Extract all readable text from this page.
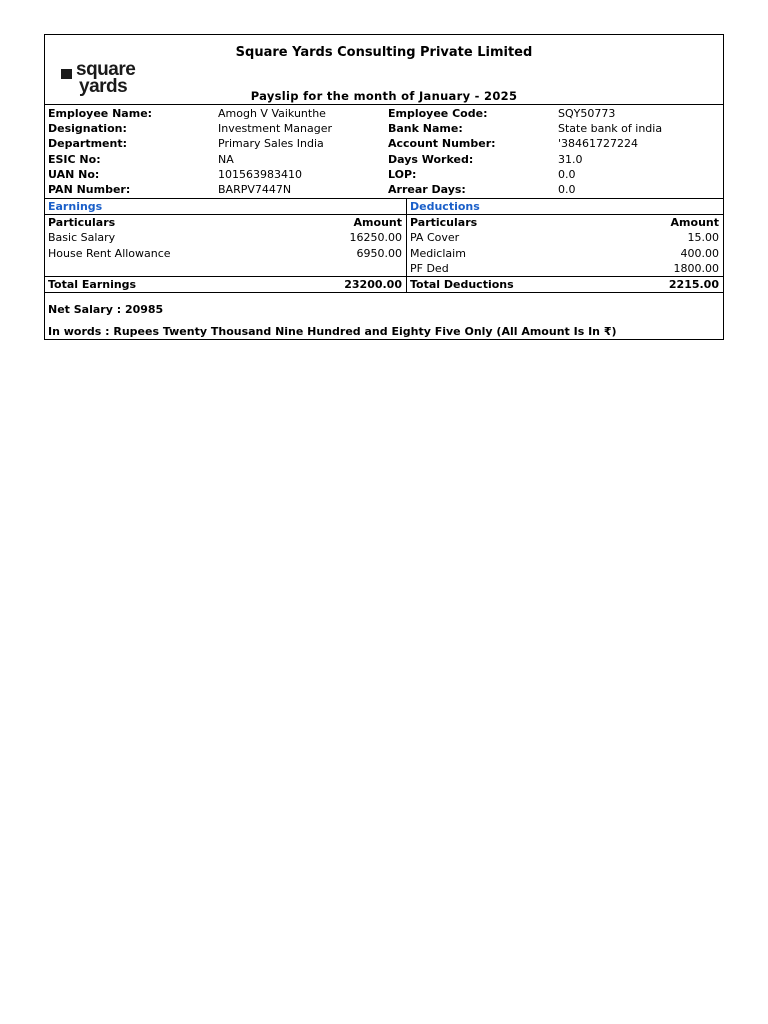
square
yards
Square Yards Consulting Private Limited
Payslip for the month of January - 2025
Employee Name:	Amogh V Vaikunthe	Employee Code:	SQY50773
Designation:	Investment Manager	Bank Name:	State bank of india
Department:	Primary Sales India	Account Number:	'38461727224
ESIC No:	NA	Days Worked:	31.0
UAN No:	101563983410	LOP:	0.0
PAN Number:	BARPV7447N	Arrear Days:	0.0
Earnings	Deductions
Particulars	Amount
Basic Salary	16250.00
House Rent Allowance	6950.00
Total Earnings	23200.00
Particulars	Amount
PA Cover	15.00
Mediclaim	400.00
PF Ded	1800.00
Total Deductions	2215.00
Net Salary : 20985
In words : Rupees Twenty Thousand Nine Hundred and Eighty Five Only (All Amount Is In ₹)
